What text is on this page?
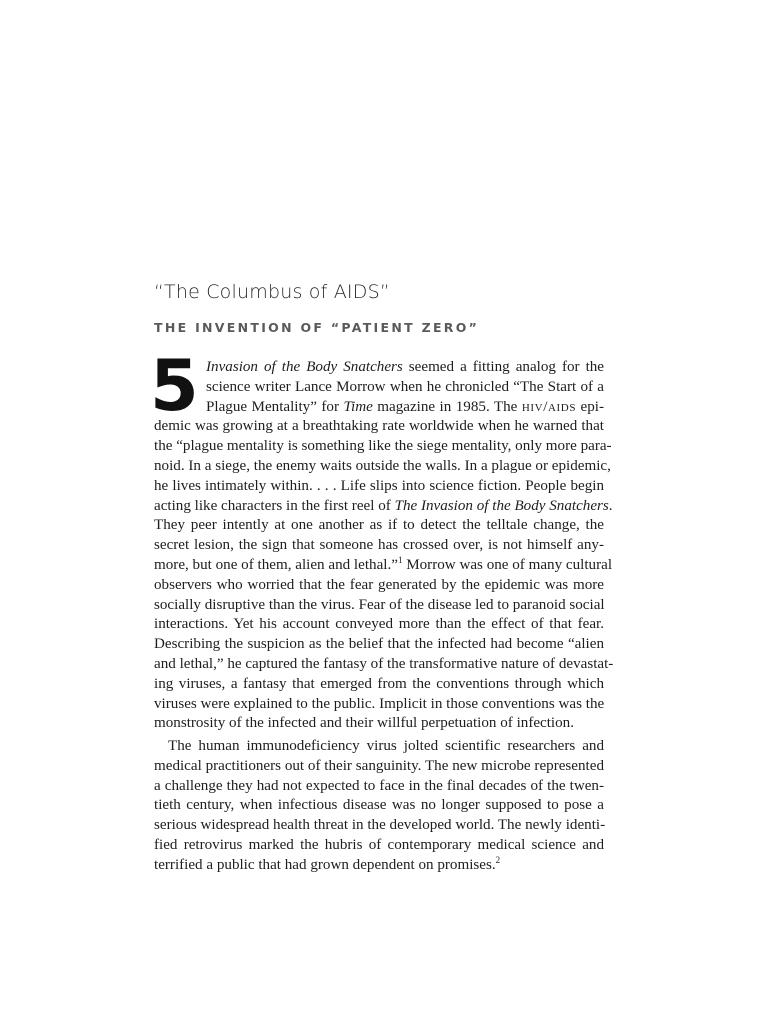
“The Columbus of AIDS”
THE INVENTION OF “PATIENT ZERO”
5 Invasion of the Body Snatchers seemed a fitting analog for the
science writer Lance Morrow when he chronicled “The Start of a
Plague Mentality” for Time magazine in 1985. The hiv/aids epi-
demic was growing at a breathtaking rate worldwide when he warned that
the “plague mentality is something like the siege mentality, only more para-
noid. In a siege, the enemy waits outside the walls. In a plague or epidemic,
he lives intimately within. . . . Life slips into science fiction. People begin
acting like characters in the first reel of The Invasion of the Body Snatchers.
They peer intently at one another as if to detect the telltale change, the
secret lesion, the sign that someone has crossed over, is not himself any-
more, but one of them, alien and lethal.”$^1$ Morrow was one of many cultural
observers who worried that the fear generated by the epidemic was more
socially disruptive than the virus. Fear of the disease led to paranoid social
interactions. Yet his account conveyed more than the effect of that fear.
Describing the suspicion as the belief that the infected had become “alien
and lethal,” he captured the fantasy of the transformative nature of devastat-
ing viruses, a fantasy that emerged from the conventions through which
viruses were explained to the public. Implicit in those conventions was the
monstrosity of the infected and their willful perpetuation of infection.
The human immunodeficiency virus jolted scientific researchers and
medical practitioners out of their sanguinity. The new microbe represented
a challenge they had not expected to face in the final decades of the twen-
tieth century, when infectious disease was no longer supposed to pose a
serious widespread health threat in the developed world. The newly identi-
fied retrovirus marked the hubris of contemporary medical science and
terrified a public that had grown dependent on promises.$^2$
